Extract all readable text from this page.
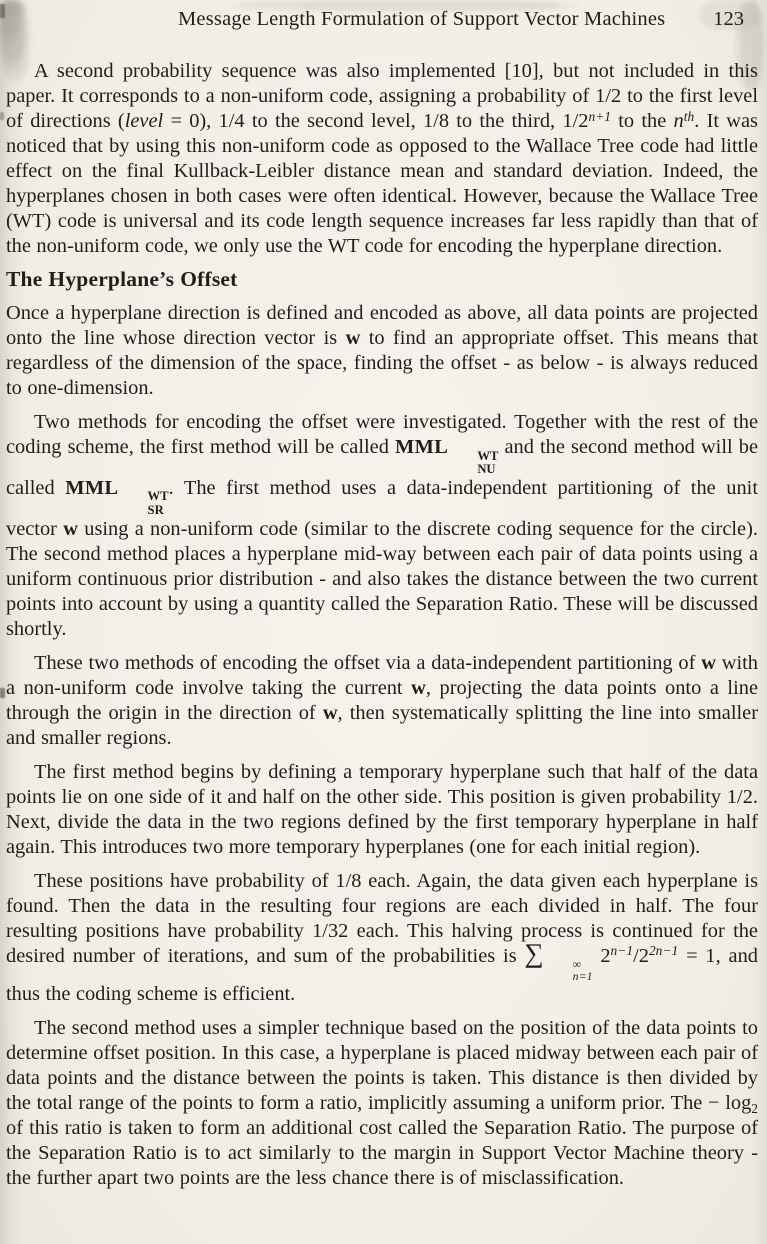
Message Length Formulation of Support Vector Machines 123

A second probability sequence was also implemented [10], but not included in this paper. It corresponds to a non-uniform code, assigning a probability of 1/2 to the first level of directions (level = 0), 1/4 to the second level, 1/8 to the third, $1/2^{n+1}$ to the $n^{th}$. It was noticed that by using this non-uniform code as opposed to the Wallace Tree code had little effect on the final Kullback-Leibler distance mean and standard deviation. Indeed, the hyperplanes chosen in both cases were often identical. However, because the Wallace Tree (WT) code is universal and its code length sequence increases far less rapidly than that of the non-uniform code, we only use the WT code for encoding the hyperplane direction.

The Hyperplane’s Offset

Once a hyperplane direction is defined and encoded as above, all data points are projected onto the line whose direction vector is w to find an appropriate offset. This means that regardless of the dimension of the space, finding the offset - as below - is always reduced to one-dimension.

Two methods for encoding the offset were investigated. Together with the rest of the coding scheme, the first method will be called MML	WT
NU
and the second method will be called MML	WT
SR
. The first method uses a data-independent partitioning of the unit vector w using a non-uniform code (similar to the discrete coding sequence for the circle). The second method places a hyperplane mid-way between each pair of data points using a uniform continuous prior distribution - and also takes the distance between the two current points into account by using a quantity called the Separation Ratio. These will be discussed shortly.

These two methods of encoding the offset via a data-independent partitioning of w with a non-uniform code involve taking the current w, projecting the data points onto a line through the origin in the direction of w, then systematically splitting the line into smaller and smaller regions.

The first method begins by defining a temporary hyperplane such that half of the data points lie on one side of it and half on the other side. This position is given probability 1/2. Next, divide the data in the two regions defined by the first temporary hyperplane in half again. This introduces two more temporary hyperplanes (one for each initial region).

These positions have probability of 1/8 each. Again, the data given each hyperplane is found. Then the data in the resulting four regions are each divided in half. The four resulting positions have probability 1/32 each. This halving process is continued for the desired number of iterations, and sum of the probabilities is ∑	∞
n=1
$2^{n-1}/2^{2n-1} = 1$, and thus the coding scheme is efficient.

The second method uses a simpler technique based on the position of the data points to determine offset position. In this case, a hyperplane is placed midway between each pair of data points and the distance between the points is taken. This distance is then divided by the total range of the points to form a ratio, implicitly assuming a uniform prior. The − $\log_2$ of this ratio is taken to form an additional cost called the Separation Ratio. The purpose of the Separation Ratio is to act similarly to the margin in Support Vector Machine theory - the further apart two points are the less chance there is of misclassification.
